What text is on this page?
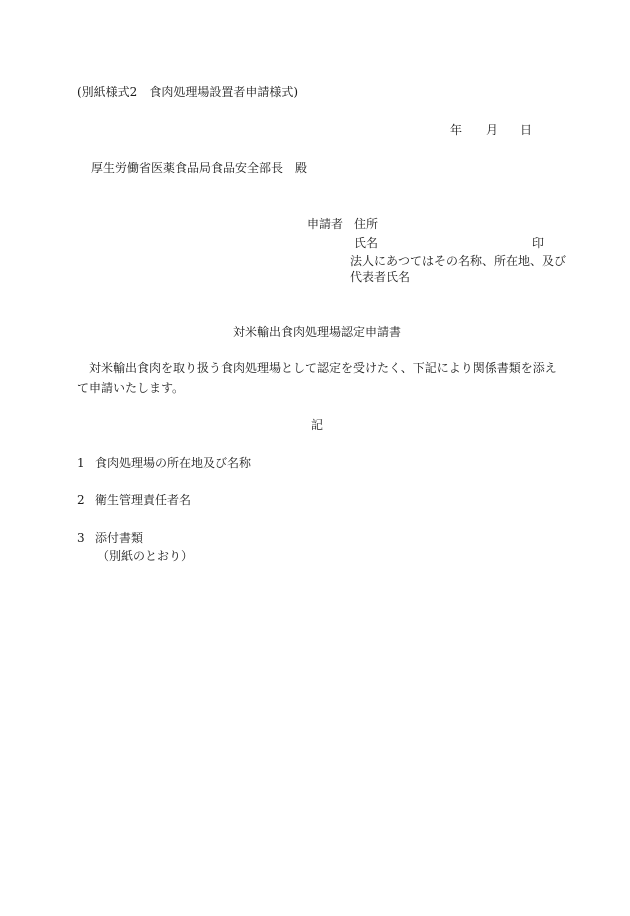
(別紙様式2　食肉処理場設置者申請様式)
年 月 日
厚生労働省医薬食品局食品安全部長　殿
申請者 住所
氏名	印
法人にあつてはその名称、所在地、及び
代表者氏名
対米輸出食肉処理場認定申請書
　対米輸出食肉を取り扱う食肉処理場として認定を受けたく、下記により関係書類を添え
て申請いたします。
記
1 食肉処理場の所在地及び名称
2 衛生管理責任者名
3 添付書類
（別紙のとおり）
